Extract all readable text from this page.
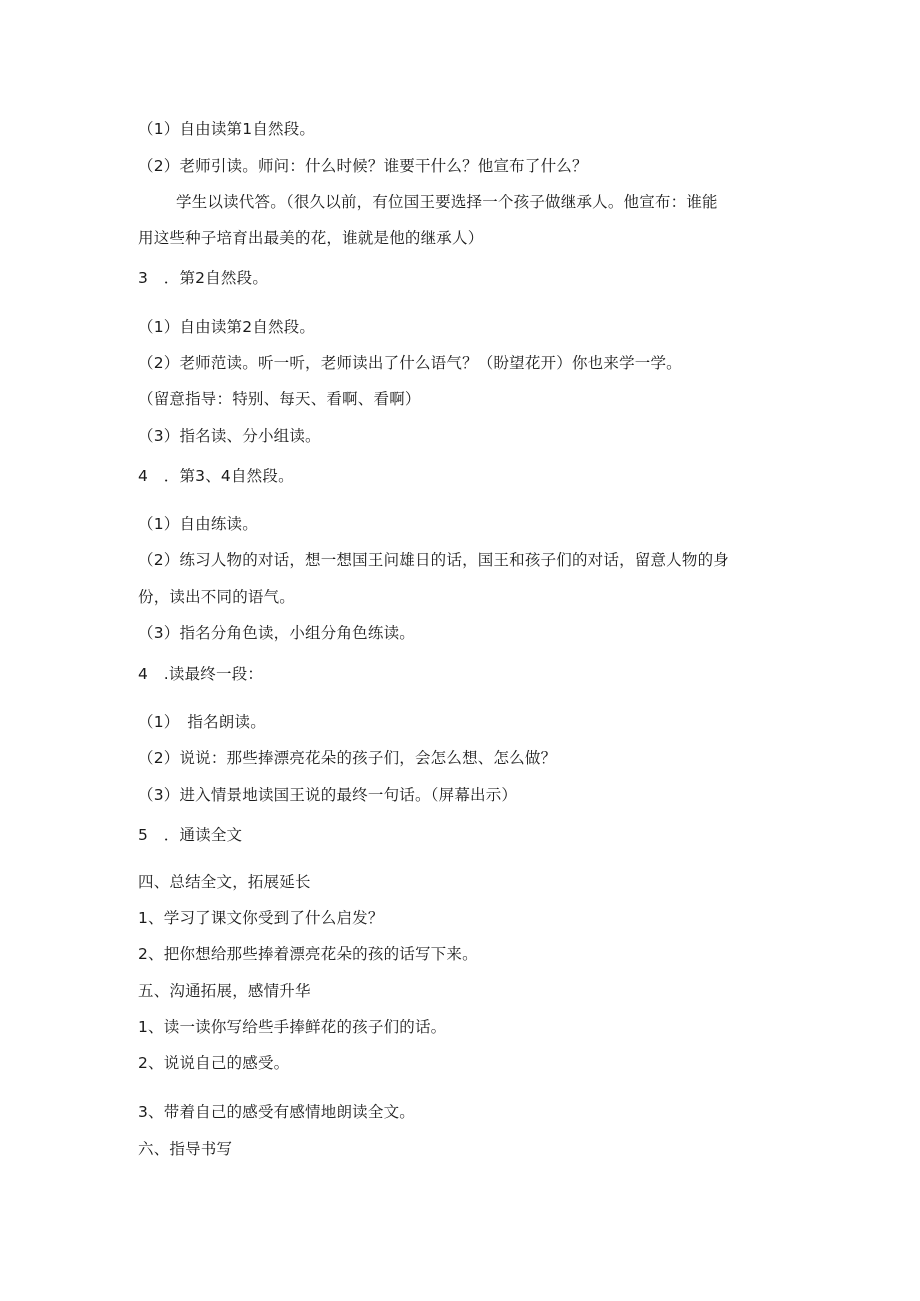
（1）自由读第1自然段。
（2）老师引读。师问：什么时候？谁要干什么？他宣布了什么？
学生以读代答。（很久以前，有位国王要选择一个孩子做继承人。他宣布：谁能
用这些种子培育出最美的花，谁就是他的继承人）
3　．第2自然段。
（1）自由读第2自然段。
（2）老师范读。听一听，老师读出了什么语气？（盼望花开）你也来学一学。
（留意指导：特别、每天、看啊、看啊）
（3）指名读、分小组读。
4　．第3、4自然段。
（1）自由练读。
（2）练习人物的对话，想一想国王问雄日的话，国王和孩子们的对话，留意人物的身
份，读出不同的语气。
（3）指名分角色读，小组分角色练读。
4　.读最终一段：
（1）　指名朗读。
（2）说说：那些捧漂亮花朵的孩子们，会怎么想、怎么做？
（3）进入情景地读国王说的最终一句话。（屏幕出示）
5　．通读全文
四、总结全文，拓展延长
1、学习了课文你受到了什么启发？
2、把你想给那些捧着漂亮花朵的孩的话写下来。
五、沟通拓展，感情升华
1、读一读你写给些手捧鲜花的孩子们的话。
2、说说自己的感受。
3、带着自己的感受有感情地朗读全文。
六、指导书写
